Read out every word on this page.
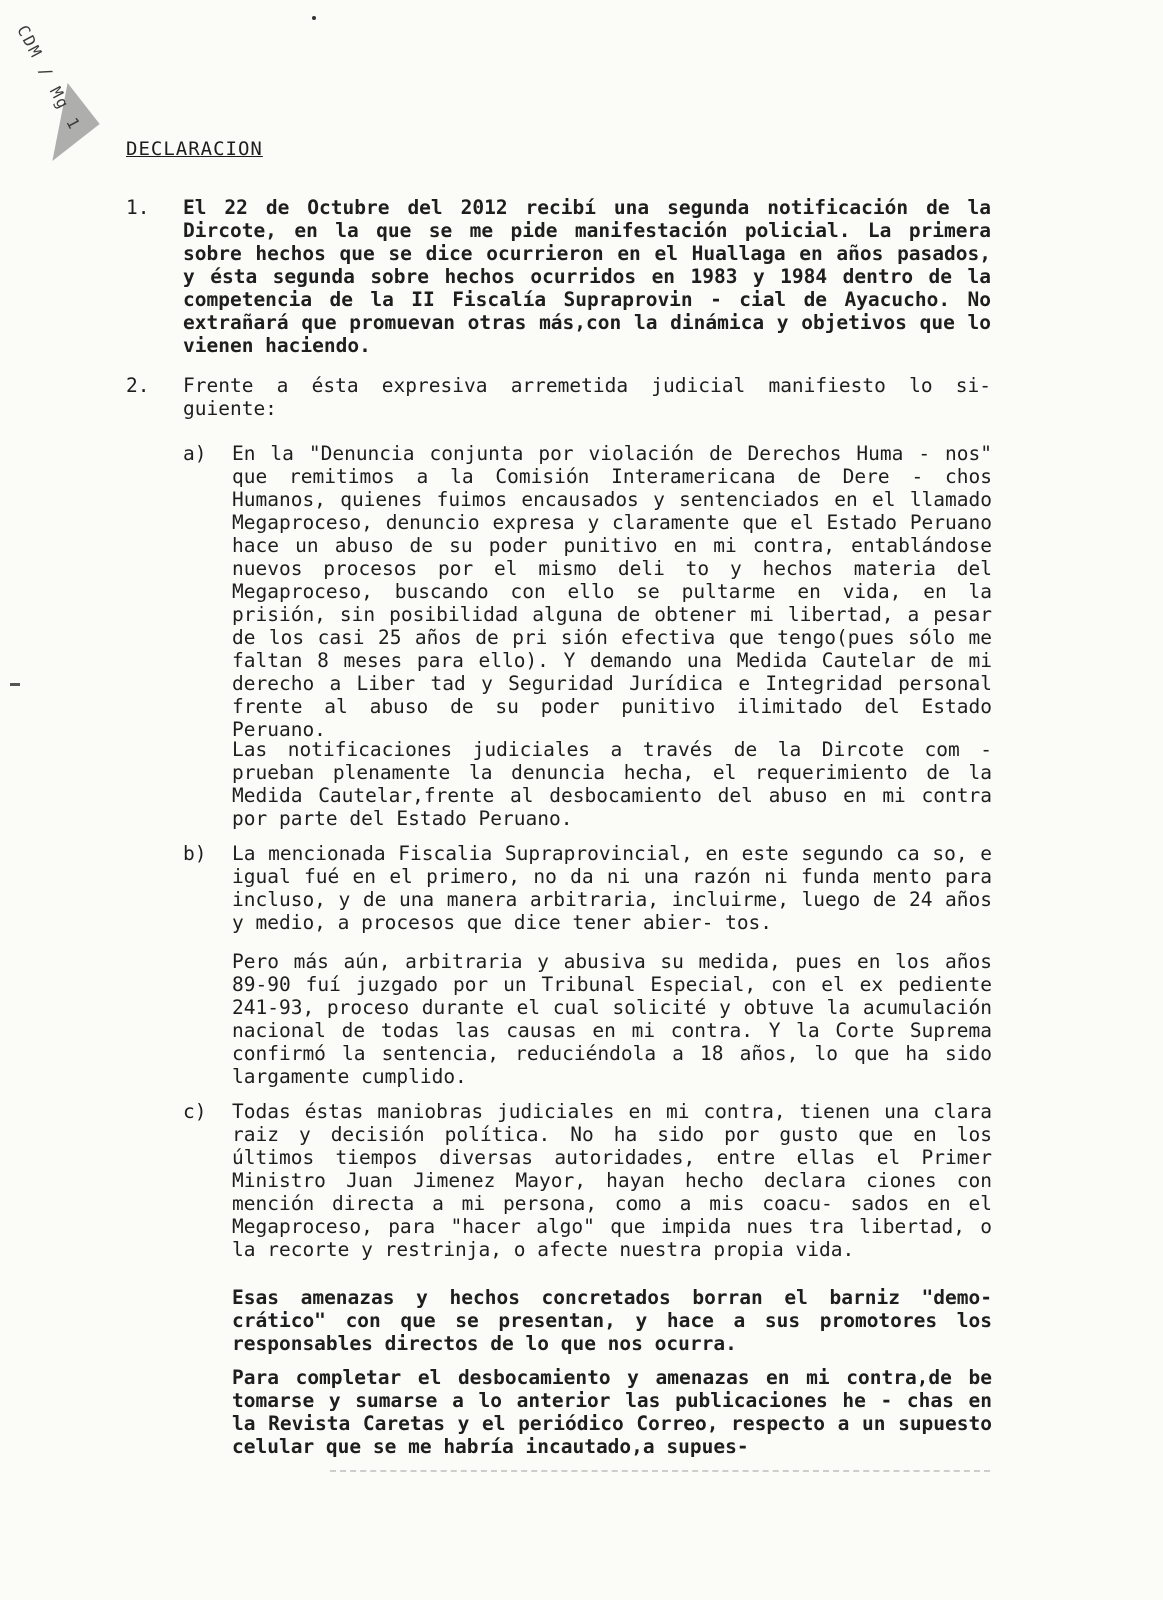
CDM / Mg 1
DECLARACION
1. El 22 de Octubre del 2012 recibí una segunda notificación de la Dircote, en la que se me pide manifestación policial. La primera sobre hechos que se dice ocurrieron en el Huallaga en años pasados, y ésta segunda sobre hechos ocurridos en 1983 y 1984 dentro de la competencia de la II Fiscalía Supraprovin - cial de Ayacucho. No extrañará que promuevan otras más,con la dinámica y objetivos que lo vienen haciendo.
2. Frente a ésta expresiva arremetida judicial manifiesto lo si- guiente:
a) En la "Denuncia conjunta por violación de Derechos Huma - nos" que remitimos a la Comisión Interamericana de Dere - chos Humanos, quienes fuimos encausados y sentenciados en el llamado Megaproceso, denuncio expresa y claramente que el Estado Peruano hace un abuso de su poder punitivo en mi contra, entablándose nuevos procesos por el mismo deli to y hechos materia del Megaproceso, buscando con ello se pultarme en vida, en la prisión, sin posibilidad alguna de obtener mi libertad, a pesar de los casi 25 años de pri sión efectiva que tengo(pues sólo me faltan 8 meses para ello). Y demando una Medida Cautelar de mi derecho a Liber tad y Seguridad Jurídica e Integridad personal frente al abuso de su poder punitivo ilimitado del Estado Peruano.
Las notificaciones judiciales a través de la Dircote com - prueban plenamente la denuncia hecha, el requerimiento de la Medida Cautelar,frente al desbocamiento del abuso en mi contra por parte del Estado Peruano.
b) La mencionada Fiscalia Supraprovincial, en este segundo ca so, e igual fué en el primero, no da ni una razón ni funda mento para incluso, y de una manera arbitraria, incluirme, luego de 24 años y medio, a procesos que dice tener abier- tos.
Pero más aún, arbitraria y abusiva su medida, pues en los años 89-90 fuí juzgado por un Tribunal Especial, con el ex pediente 241-93, proceso durante el cual solicité y obtuve la acumulación nacional de todas las causas en mi contra. Y la Corte Suprema confirmó la sentencia, reduciéndola a 18 años, lo que ha sido largamente cumplido.
c) Todas éstas maniobras judiciales en mi contra, tienen una clara raiz y decisión política. No ha sido por gusto que en los últimos tiempos diversas autoridades, entre ellas el Primer Ministro Juan Jimenez Mayor, hayan hecho declara ciones con mención directa a mi persona, como a mis coacu- sados en el Megaproceso, para "hacer algo" que impida nues tra libertad, o la recorte y restrinja, o afecte nuestra propia vida.
Esas amenazas y hechos concretados borran el barniz "demo- crático" con que se presentan, y hace a sus promotores los responsables directos de lo que nos ocurra.
Para completar el desbocamiento y amenazas en mi contra,de be tomarse y sumarse a lo anterior las publicaciones he - chas en la Revista Caretas y el periódico Correo, respecto a un supuesto celular que se me habría incautado,a supues-
